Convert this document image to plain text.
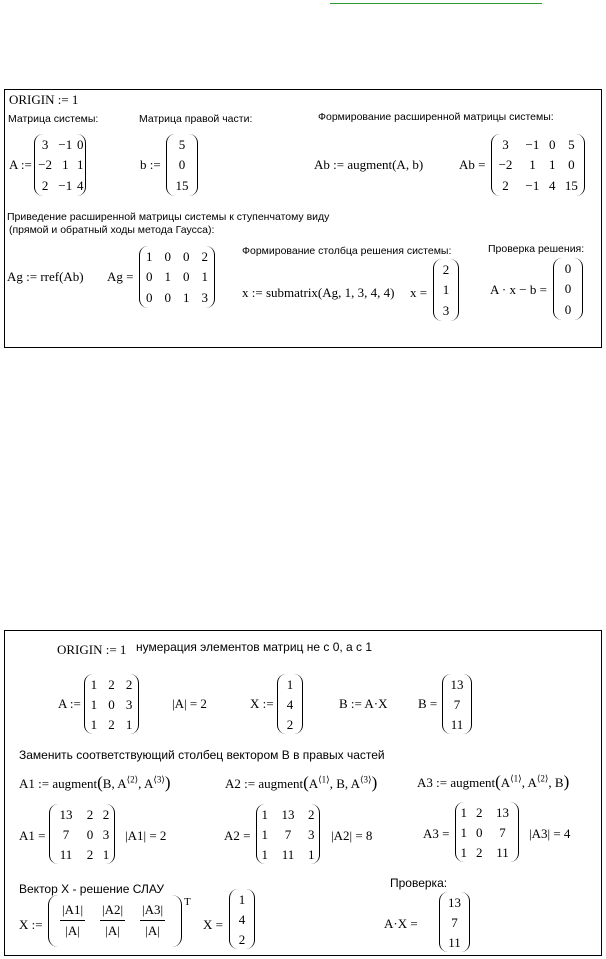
ORIGIN := 1
Матрица системы:	Матрица правой части:	Формирование расширенной матрицы системы:
A :=
3	−1	0
−2	1	1
2	−1	4
b :=
5
0
15
Ab := augment(A, b)	Ab =
3	−1	0	5
−2	1	1	0
2	−1	4	15
Приведение расширенной матрицы системы к ступенчатому виду
(прямой и обратный ходы метода Гаусса):
Ag := rref(Ab) Ag =
1	0	0	2
0	1	0	1
0	0	1	3
Формирование столбца решения системы:
x := submatrix(Ag, 1, 3, 4, 4) x =
2
1
3
Проверка решения:
A · x − b =
0
0
0
ORIGIN := 1 нумерация элементов матриц не с 0, а с 1
A :=
1	2	2
1	0	3
1	2	1
|A| = 2	X :=
1
4
2
B := A·X B =
13
7
11
Заменить соответствующий столбец вектором B в правых частей
A1 := augment(B, $A^{⟨2⟩}$, $A^{⟨3⟩}$)	A2 := $augment(A^{⟨1⟩}$, B, $A^{⟨3⟩}$)	A3 := $augment(A^{⟨1⟩}$, $A^{⟨2⟩}$, B)
A1 =
13	2	2
7	0	3
11	2	1
|A1| = 2	A2 =
1	13	2
1	7	3
1	11	1
|A2| = 8	A3 =
1	2	13
1	0	7
1	2	11
|A3| = 4
Вектор X - решение СЛАУ	Проверка:
X := $\frac{|A1|}{|A|} \frac{|A2|}{|A|} \frac{|A3|}{|A|}$ T
X =
1
4
2
A·X =
13
7
11
